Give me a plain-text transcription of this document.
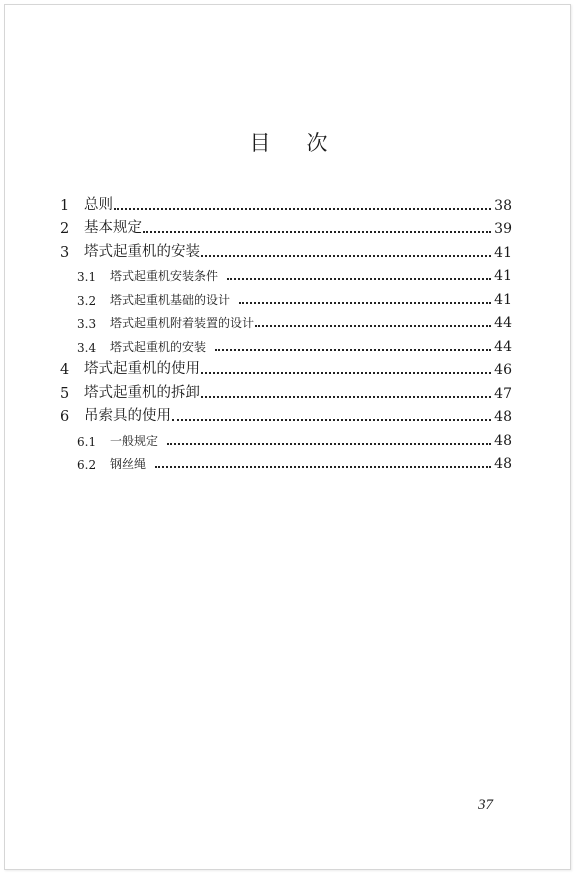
目次
1	总则	38
2	基本规定	39
3	塔式起重机的安装	41
3.1	塔式起重机安装条件	41
3.2	塔式起重机基础的设计	41
3.3	塔式起重机附着装置的设计	44
3.4	塔式起重机的安装	44
4	塔式起重机的使用	46
5	塔式起重机的拆卸	47
6	吊索具的使用	48
6.1	一般规定	48
6.2	钢丝绳	48
37
